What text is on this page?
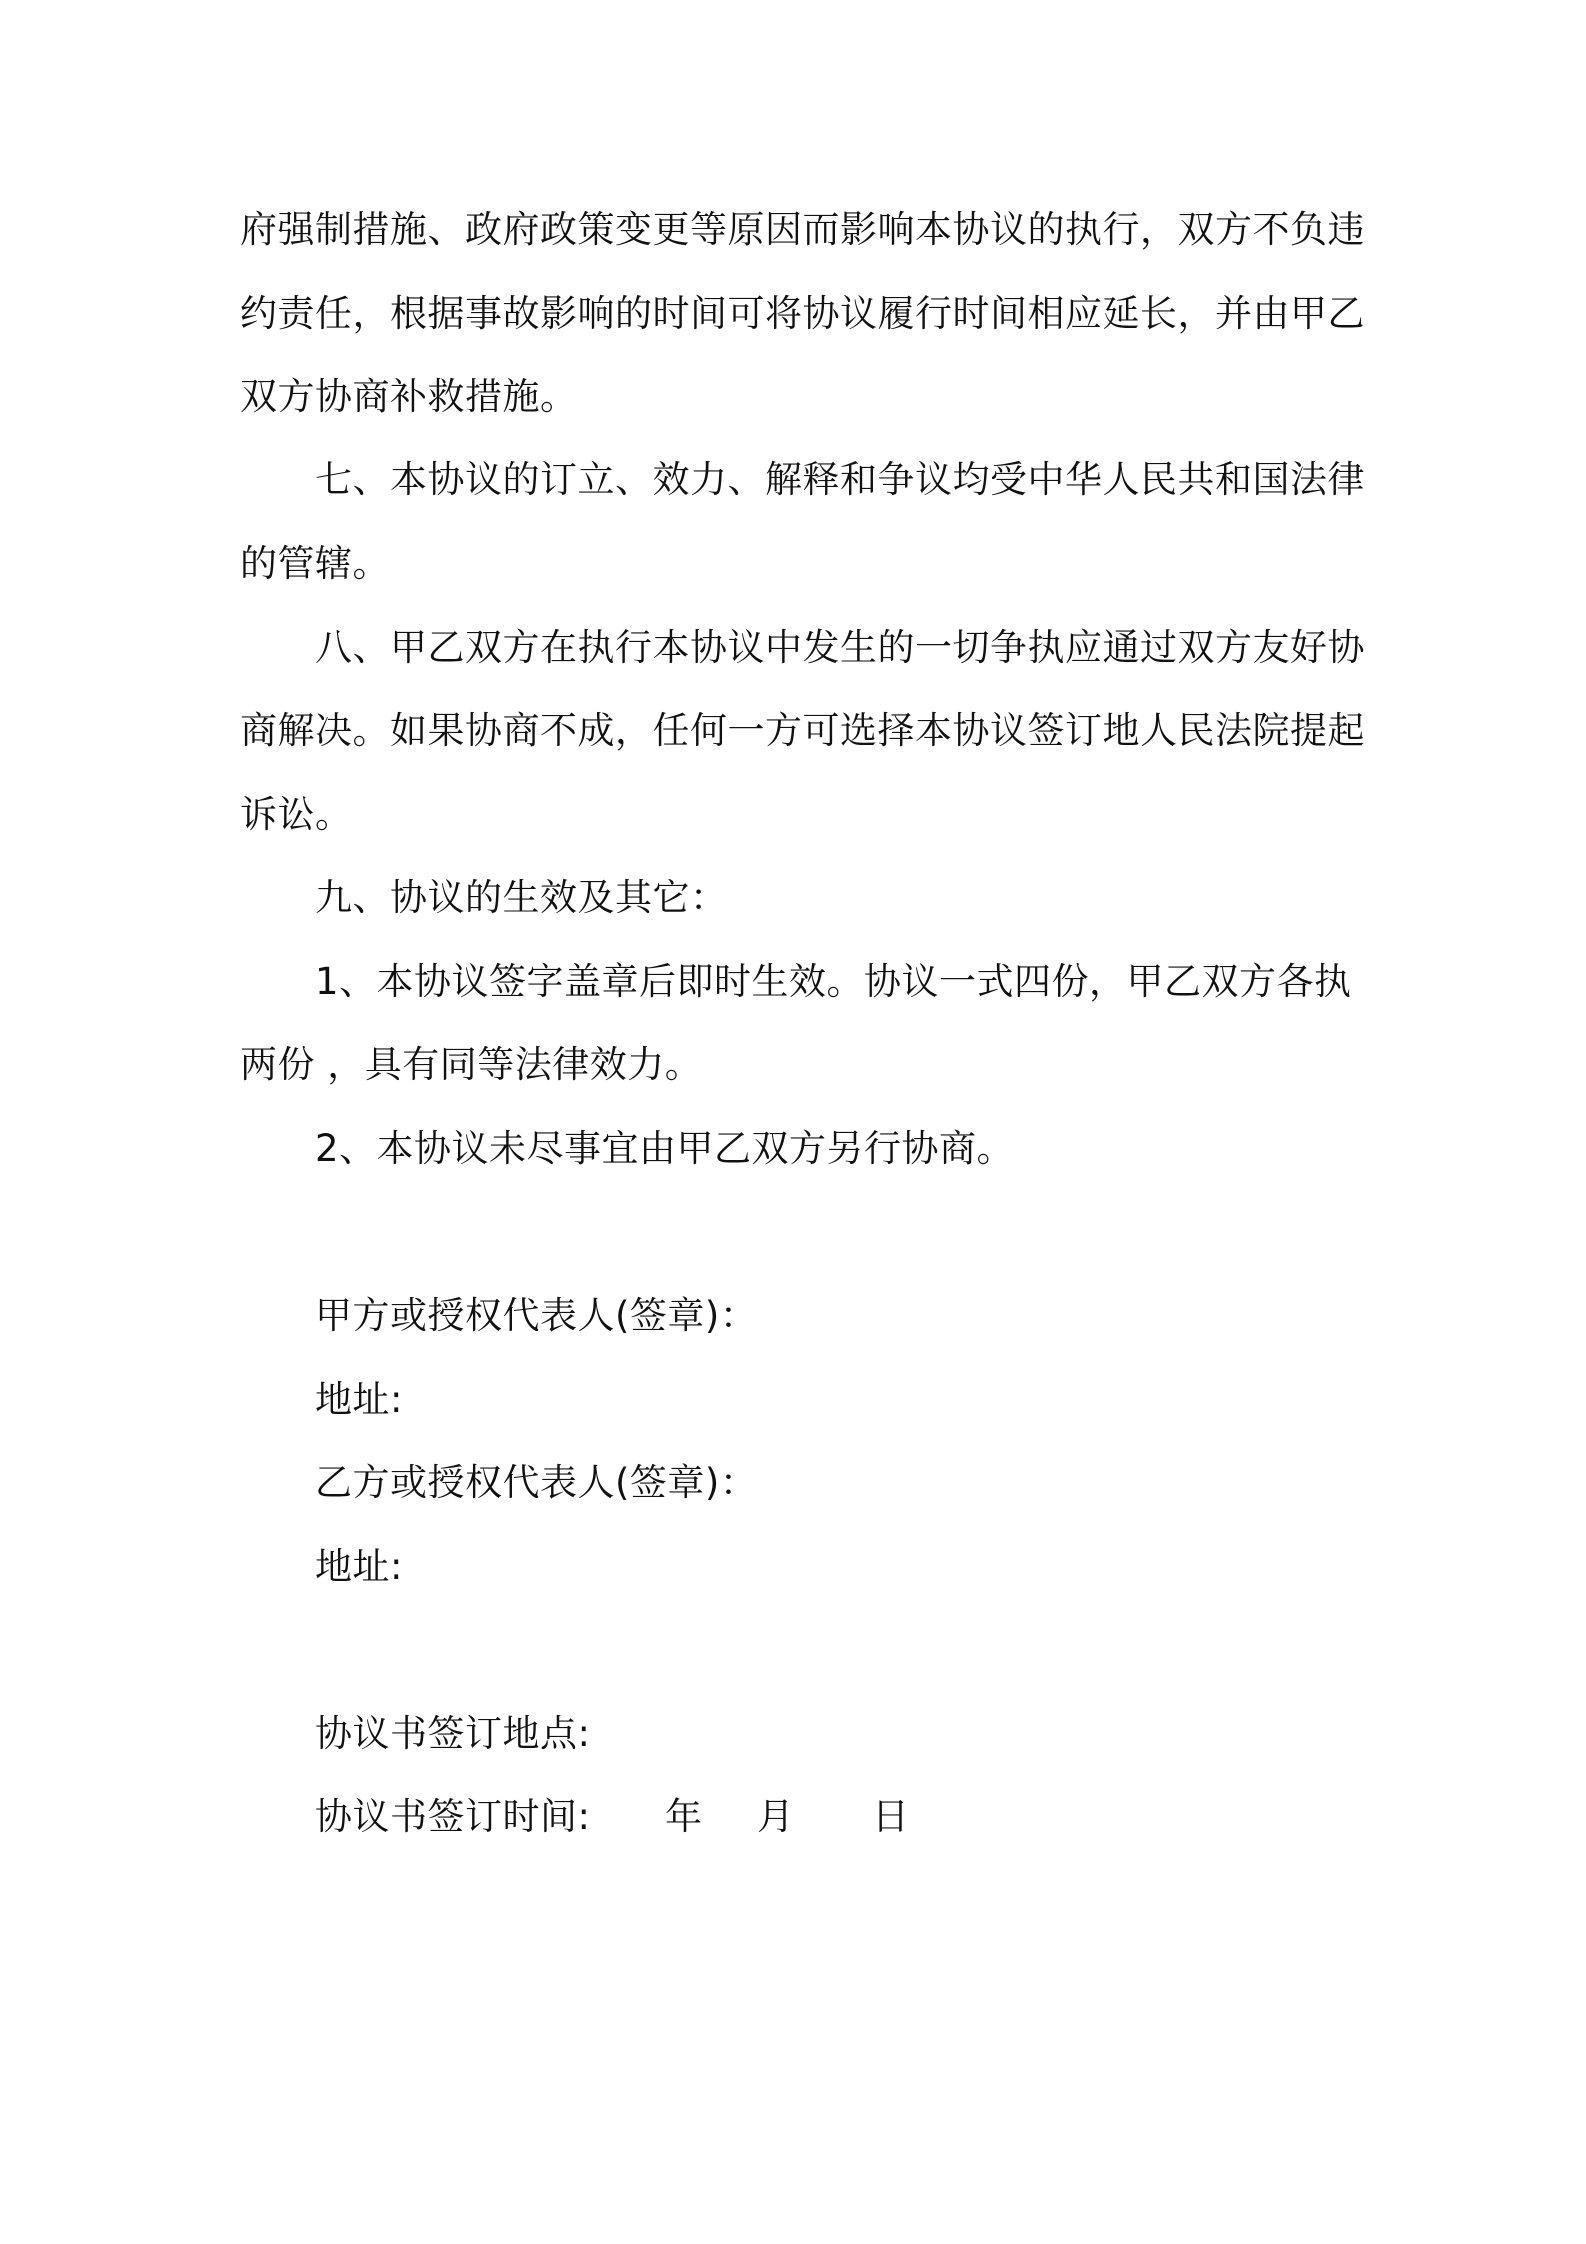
府强制措施、政府政策变更等原因而影响本协议的执行，双方不负违
约责任，根据事故影响的时间可将协议履行时间相应延长，并由甲乙
双方协商补救措施。
七、本协议的订立、效力、解释和争议均受中华人民共和国法律
的管辖。
八、甲乙双方在执行本协议中发生的一切争执应通过双方友好协
商解决。如果协商不成，任何一方可选择本协议签订地人民法院提起
诉讼。
九、协议的生效及其它：
1、本协议签字盖章后即时生效。协议一式四份，甲乙双方各执
两份 ，具有同等法律效力。
2、本协议未尽事宜由甲乙双方另行协商。
甲方或授权代表人(签章)：
地址:
乙方或授权代表人(签章)：
地址:
协议书签订地点:
协议书签订时间: 年 月 日
